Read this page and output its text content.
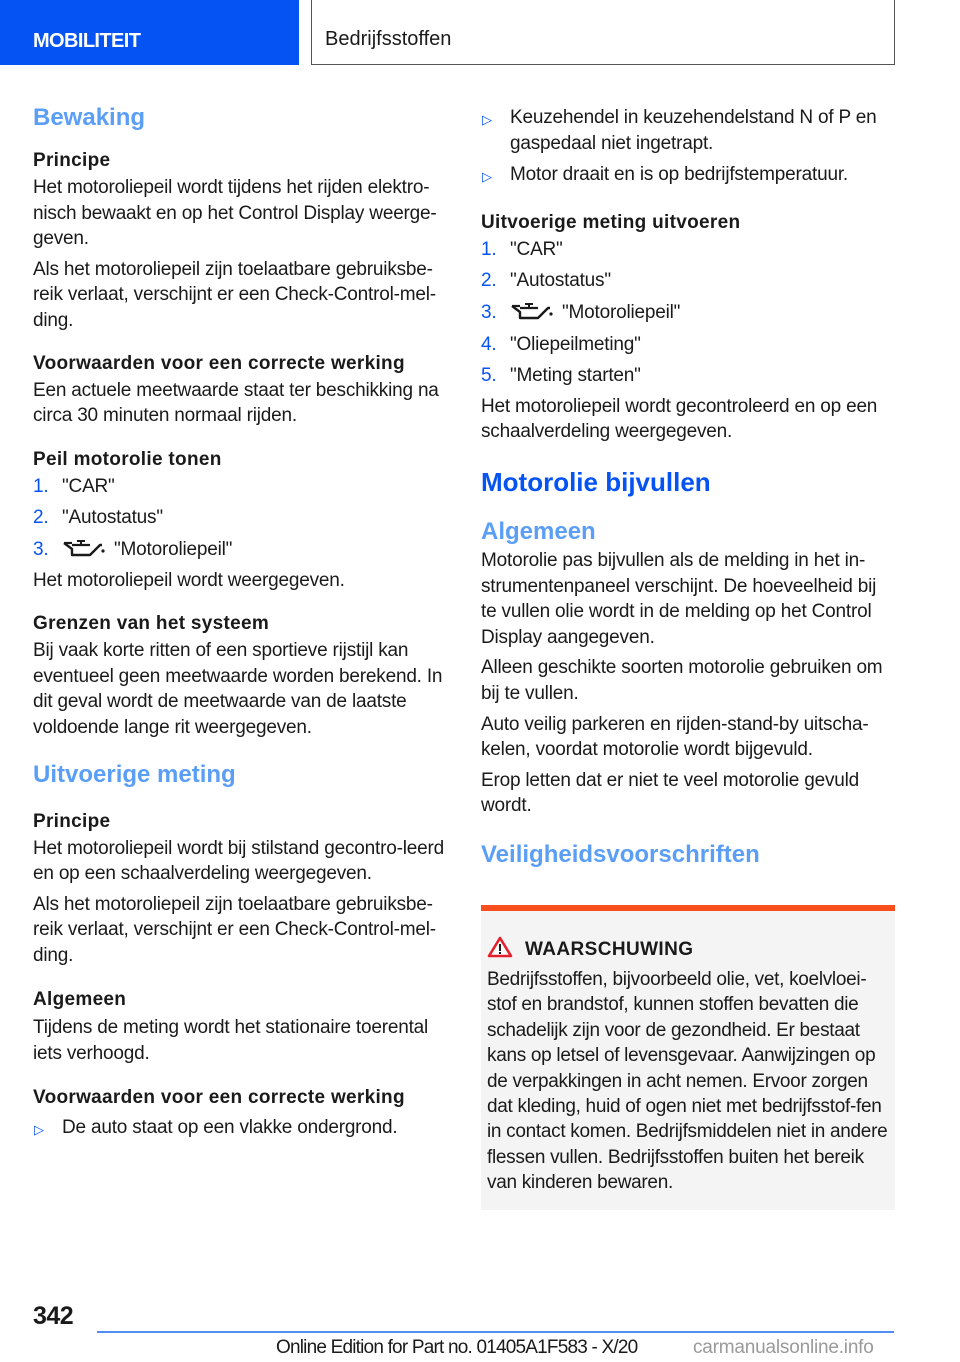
MOBILITEIT	Bedrijfsstoffen
Bewaking
Principe

Het motoroliepeil wordt tijdens het rijden elektro-nisch bewaakt en op het Control Display weerge-geven.

Als het motoroliepeil zijn toelaatbare gebruiksbe-reik verlaat, verschijnt er een Check-Control-mel-ding.

Voorwaarden voor een correcte werking

Een actuele meetwaarde staat ter beschikking na circa 30 minuten normaal rijden.

Peil motorolie tonen
1. "CAR"
2. "Autostatus"
3.	"Motoroliepeil"

Het motoroliepeil wordt weergegeven.

Grenzen van het systeem

Bij vaak korte ritten of een sportieve rijstijl kan eventueel geen meetwaarde worden berekend. In dit geval wordt de meetwaarde van de laatste voldoende lange rit weergegeven.

Uitvoerige meting
Principe

Het motoroliepeil wordt bij stilstand gecontro-leerd en op een schaalverdeling weergegeven.

Als het motoroliepeil zijn toelaatbare gebruiksbe-reik verlaat, verschijnt er een Check-Control-mel-ding.

Algemeen

Tijdens de meting wordt het stationaire toerental iets verhoogd.

Voorwaarden voor een correcte werking
▷ De auto staat op een vlakke ondergrond.
▷ Keuzehendel in keuzehendelstand N of P en gaspedaal niet ingetrapt.
▷ Motor draait en is op bedrijfstemperatuur.
Uitvoerige meting uitvoeren
1. "CAR"
2. "Autostatus"
3.	"Motoroliepeil"
4. "Oliepeilmeting"
5. "Meting starten"

Het motoroliepeil wordt gecontroleerd en op een schaalverdeling weergegeven.

Motorolie bijvullen
Algemeen

Motorolie pas bijvullen als de melding in het in-strumentenpaneel verschijnt. De hoeveelheid bij te vullen olie wordt in de melding op het Control Display aangegeven.

Alleen geschikte soorten motorolie gebruiken om bij te vullen.

Auto veilig parkeren en rijden-stand-by uitscha-kelen, voordat motorolie wordt bijgevuld.

Erop letten dat er niet te veel motorolie gevuld wordt.

Veiligheidsvoorschriften
WAARSCHUWING
Bedrijfsstoffen, bijvoorbeeld olie, vet, koelvloei-stof en brandstof, kunnen stoffen bevatten die schadelijk zijn voor de gezondheid. Er bestaat kans op letsel of levensgevaar. Aanwijzingen op de verpakkingen in acht nemen. Ervoor zorgen dat kleding, huid of ogen niet met bedrijfsstof-fen in contact komen. Bedrijfsmiddelen niet in andere flessen vullen. Bedrijfsstoffen buiten het bereik van kinderen bewaren.
342
Online Edition for Part no. 01405A1F583 - X/20	carmanualsonline.info
